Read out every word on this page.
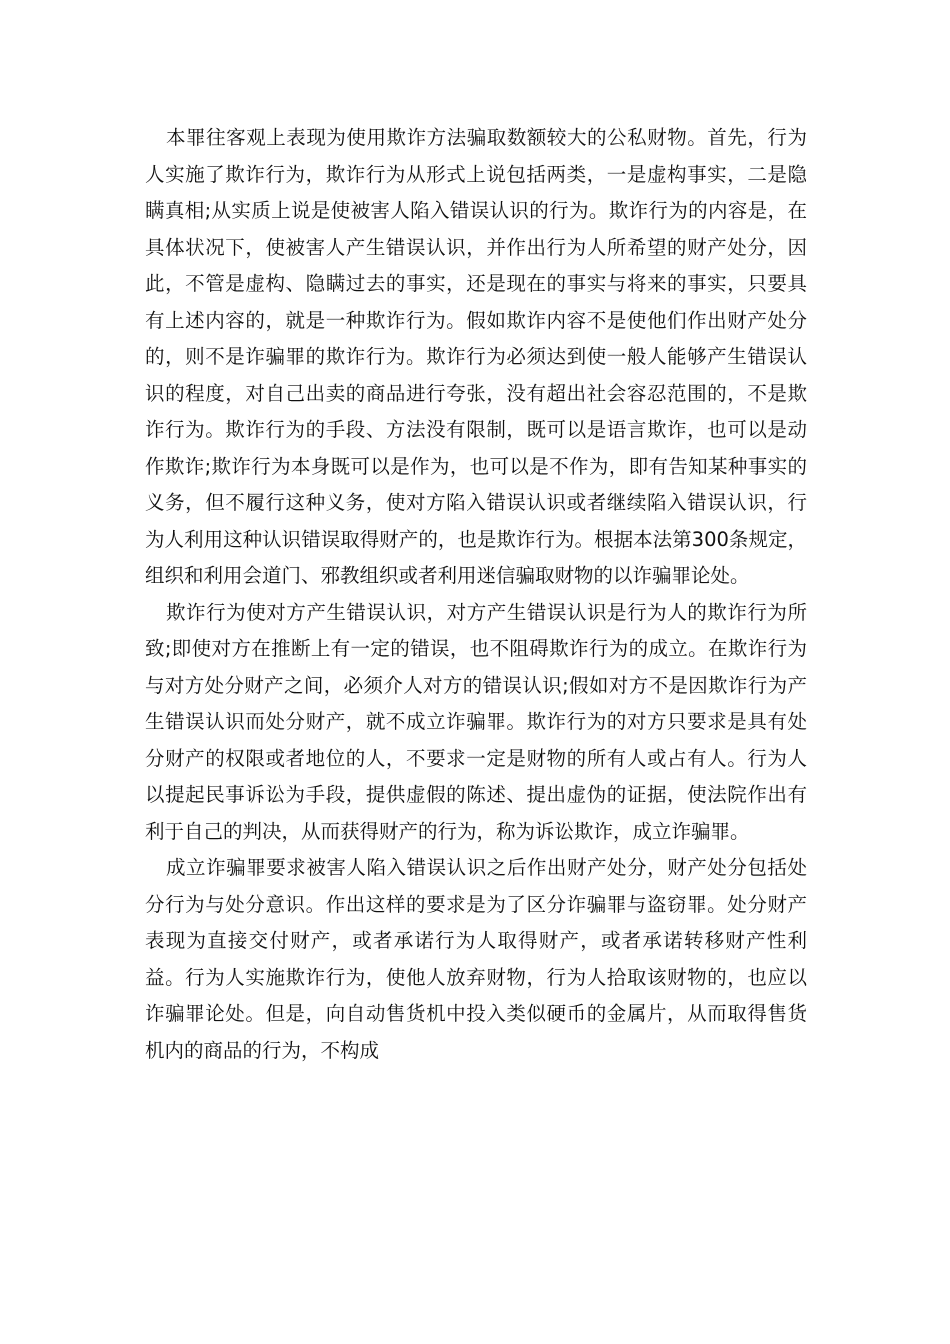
本罪往客观上表现为使用欺诈方法骗取数额较大的公私财物。首先，行为人实施了欺诈行为，欺诈行为从形式上说包括两类，一是虚构事实，二是隐瞒真相;从实质上说是使被害人陷入错误认识的行为。欺诈行为的内容是，在具体状况下，使被害人产生错误认识，并作出行为人所希望的财产处分，因此，不管是虚构、隐瞒过去的事实，还是现在的事实与将来的事实，只要具有上述内容的，就是一种欺诈行为。假如欺诈内容不是使他们作出财产处分的，则不是诈骗罪的欺诈行为。欺诈行为必须达到使一般人能够产生错误认识的程度，对自己出卖的商品进行夸张，没有超出社会容忍范围的，不是欺诈行为。欺诈行为的手段、方法没有限制，既可以是语言欺诈，也可以是动作欺诈;欺诈行为本身既可以是作为，也可以是不作为，即有告知某种事实的义务，但不履行这种义务，使对方陷入错误认识或者继续陷入错误认识，行为人利用这种认识错误取得财产的，也是欺诈行为。根据本法第300条规定，组织和利用会道门、邪教组织或者利用迷信骗取财物的以诈骗罪论处。

欺诈行为使对方产生错误认识，对方产生错误认识是行为人的欺诈行为所致;即使对方在推断上有一定的错误，也不阻碍欺诈行为的成立。在欺诈行为与对方处分财产之间，必须介人对方的错误认识;假如对方不是因欺诈行为产生错误认识而处分财产，就不成立诈骗罪。欺诈行为的对方只要求是具有处分财产的权限或者地位的人，不要求一定是财物的所有人或占有人。行为人以提起民事诉讼为手段，提供虚假的陈述、提出虚伪的证据，使法院作出有利于自己的判决，从而获得财产的行为，称为诉讼欺诈，成立诈骗罪。

成立诈骗罪要求被害人陷入错误认识之后作出财产处分，财产处分包括处分行为与处分意识。作出这样的要求是为了区分诈骗罪与盗窃罪。处分财产表现为直接交付财产，或者承诺行为人取得财产，或者承诺转移财产性利益。行为人实施欺诈行为，使他人放弃财物，行为人拾取该财物的，也应以诈骗罪论处。但是，向自动售货机中投入类似硬币的金属片，从而取得售货机内的商品的行为，不构成
